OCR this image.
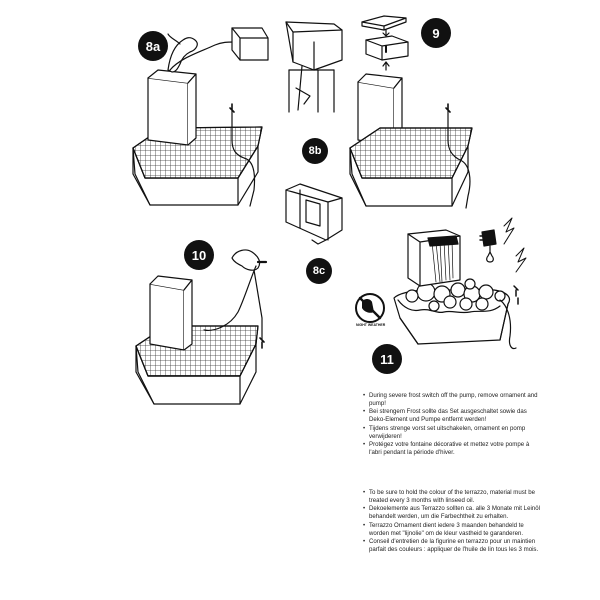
8a
8b
8c
9
10
11
NIGHT WEATHER

• During severe frost switch off the pump, remove ornament and pump!

• Bei strengem Frost sollte das Set ausgeschaltet sowie das Deko-Element und Pumpe entfernt werden!

• Tijdens strenge vorst set uitschakelen, ornament en pomp verwijderen!

• Protégez votre fontaine décorative et mettez votre pompe à l'abri pendant la période d'hiver.

• To be sure to hold the colour of the terrazzo, material must be treated every 3 months with linseed oil.

• Dekoelemente aus Terrazzo sollten ca. alle 3 Monate mit Leinöl behandelt werden, um die Farbechtheit zu erhalten.

• Terrazzo Ornament dient iedere 3 maanden behandeld te worden met "lijnolie" om de kleur vastheid te garanderen.

• Conseil d'entretien de la figurine en terrazzo pour un maintien parfait des couleurs : appliquer de l'huile de lin tous les 3 mois.
